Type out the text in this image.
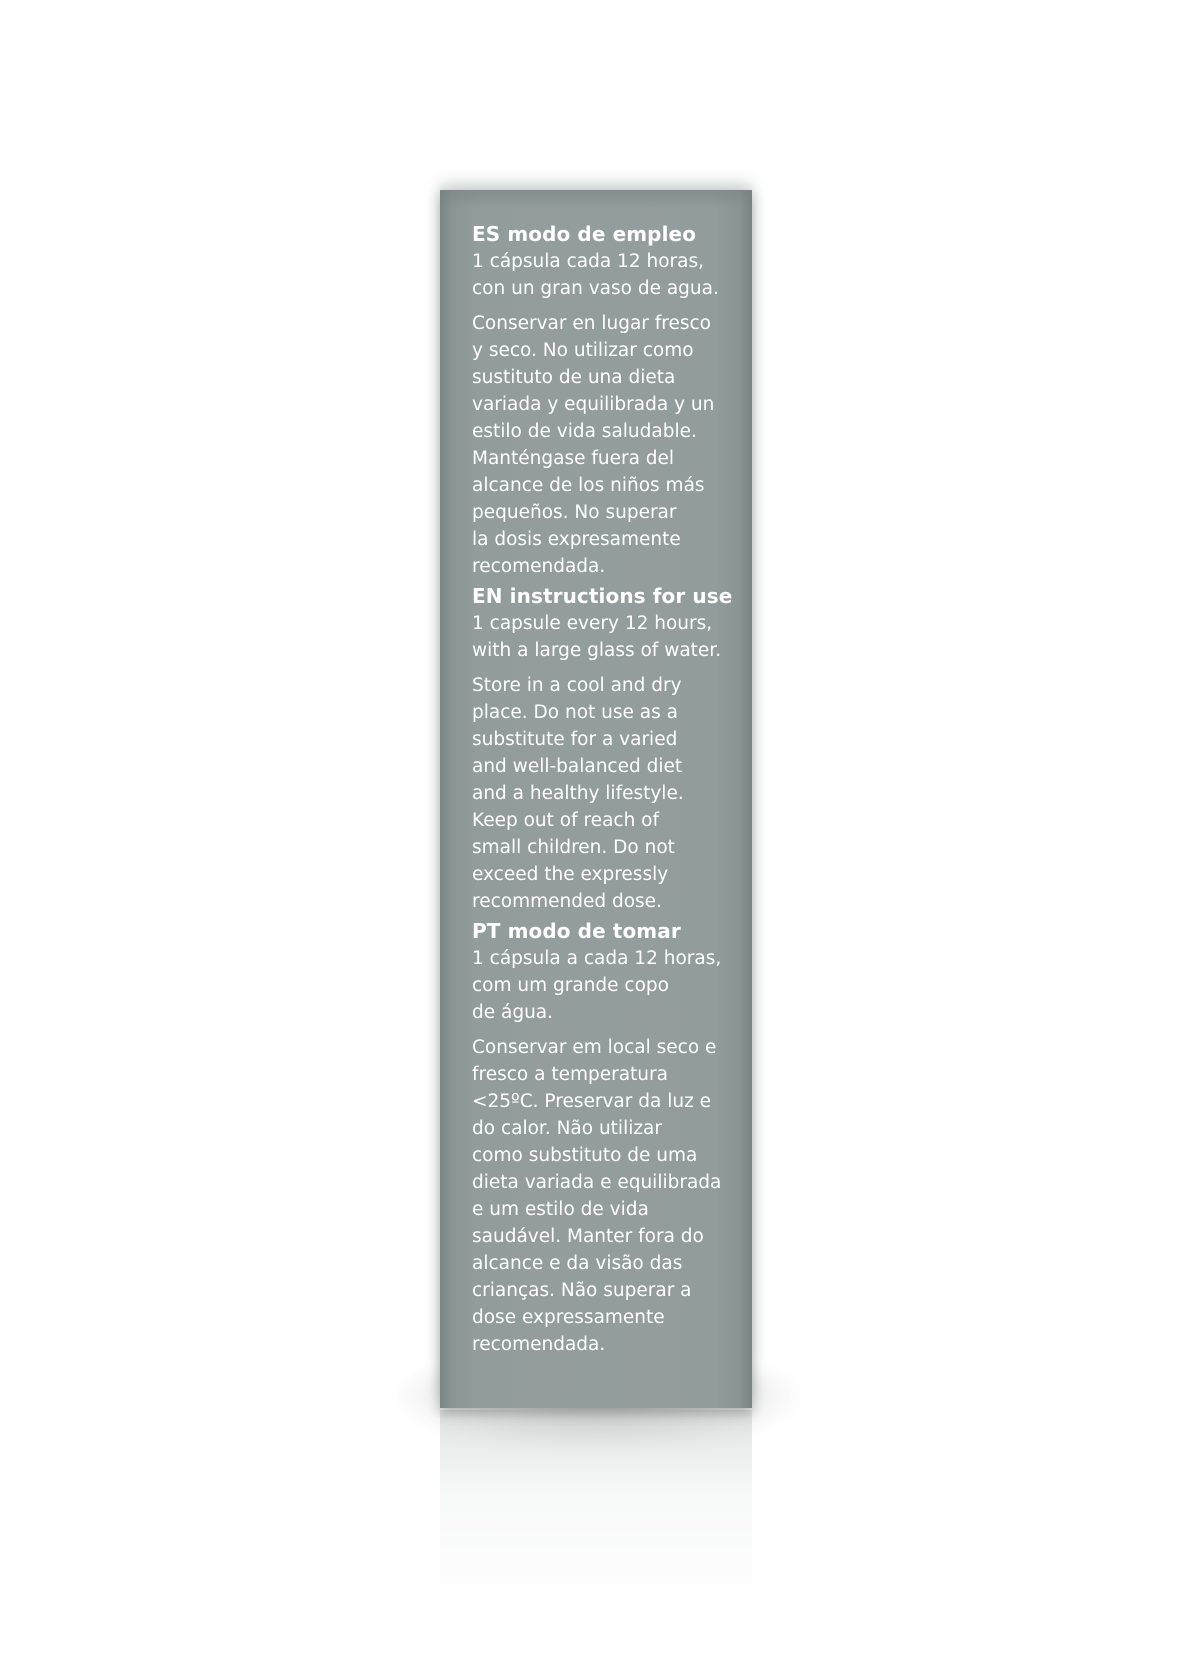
ES modo de empleo

1 cápsula cada 12 horas,
con un gran vaso de agua.

Conservar en lugar fresco
y seco. No utilizar como
sustituto de una dieta
variada y equilibrada y un
estilo de vida saludable.
Manténgase fuera del
alcance de los niños más
pequeños. No superar
la dosis expresamente
recomendada.

EN instructions for use

1 capsule every 12 hours,
with a large glass of water.

Store in a cool and dry
place. Do not use as a
substitute for a varied
and well-balanced diet
and a healthy lifestyle.
Keep out of reach of
small children. Do not
exceed the expressly
recommended dose.

PT modo de tomar

1 cápsula a cada 12 horas,
com um grande copo
de água.

Conservar em local seco e
fresco a temperatura
<25ºC. Preservar da luz e
do calor. Não utilizar
como substituto de uma
dieta variada e equilibrada
e um estilo de vida
saudável. Manter fora do
alcance e da visão das
crianças. Não superar a
dose expressamente
recomendada.
